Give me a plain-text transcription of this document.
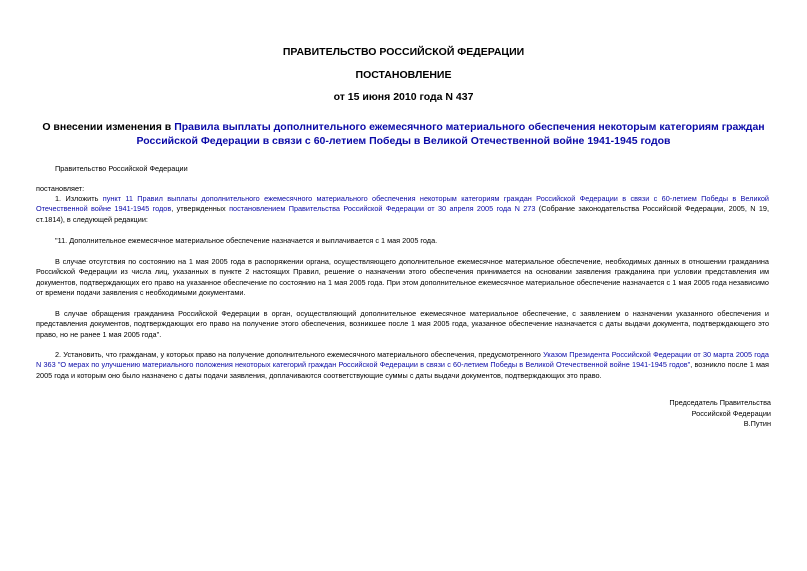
ПРАВИТЕЛЬСТВО РОССИЙСКОЙ ФЕДЕРАЦИИ
ПОСТАНОВЛЕНИЕ
от 15 июня 2010 года N 437
О внесении изменения в Правила выплаты дополнительного ежемесячного материального обеспечения некоторым категориям граждан Российской Федерации в связи с 60-летием Победы в Великой Отечественной войне 1941-1945 годов
Правительство Российской Федерации
постановляет:
1. Изложить пункт 11 Правил выплаты дополнительного ежемесячного материального обеспечения некоторым категориям граждан Российской Федерации в связи с 60-летием Победы в Великой Отечественной войне 1941-1945 годов, утвержденных постановлением Правительства Российской Федерации от 30 апреля 2005 года N 273 (Собрание законодательства Российской Федерации, 2005, N 19, ст.1814), в следующей редакции:
"11. Дополнительное ежемесячное материальное обеспечение назначается и выплачивается с 1 мая 2005 года.
В случае отсутствия по состоянию на 1 мая 2005 года в распоряжении органа, осуществляющего дополнительное ежемесячное материальное обеспечение, необходимых данных в отношении гражданина Российской Федерации из числа лиц, указанных в пункте 2 настоящих Правил, решение о назначении этого обеспечения принимается на основании заявления гражданина при условии представления им документов, подтверждающих его право на указанное обеспечение по состоянию на 1 мая 2005 года. При этом дополнительное ежемесячное материальное обеспечение назначается с 1 мая 2005 года независимо от времени подачи заявления с необходимыми документами.
В случае обращения гражданина Российской Федерации в орган, осуществляющий дополнительное ежемесячное материальное обеспечение, с заявлением о назначении указанного обеспечения и представления документов, подтверждающих его право на получение этого обеспечения, возникшее после 1 мая 2005 года, указанное обеспечение назначается с даты выдачи документа, подтверждающего это право, но не ранее 1 мая 2005 года".
2. Установить, что гражданам, у которых право на получение дополнительного ежемесячного материального обеспечения, предусмотренного Указом Президента Российской Федерации от 30 марта 2005 года N 363 "О мерах по улучшению материального положения некоторых категорий граждан Российской Федерации в связи с 60-летием Победы в Великой Отечественной войне 1941-1945 годов", возникло после 1 мая 2005 года и которым оно было назначено с даты подачи заявления, доплачиваются соответствующие суммы с даты выдачи документов, подтверждающих это право.
Председатель Правительства
Российской Федерации
В.Путин
